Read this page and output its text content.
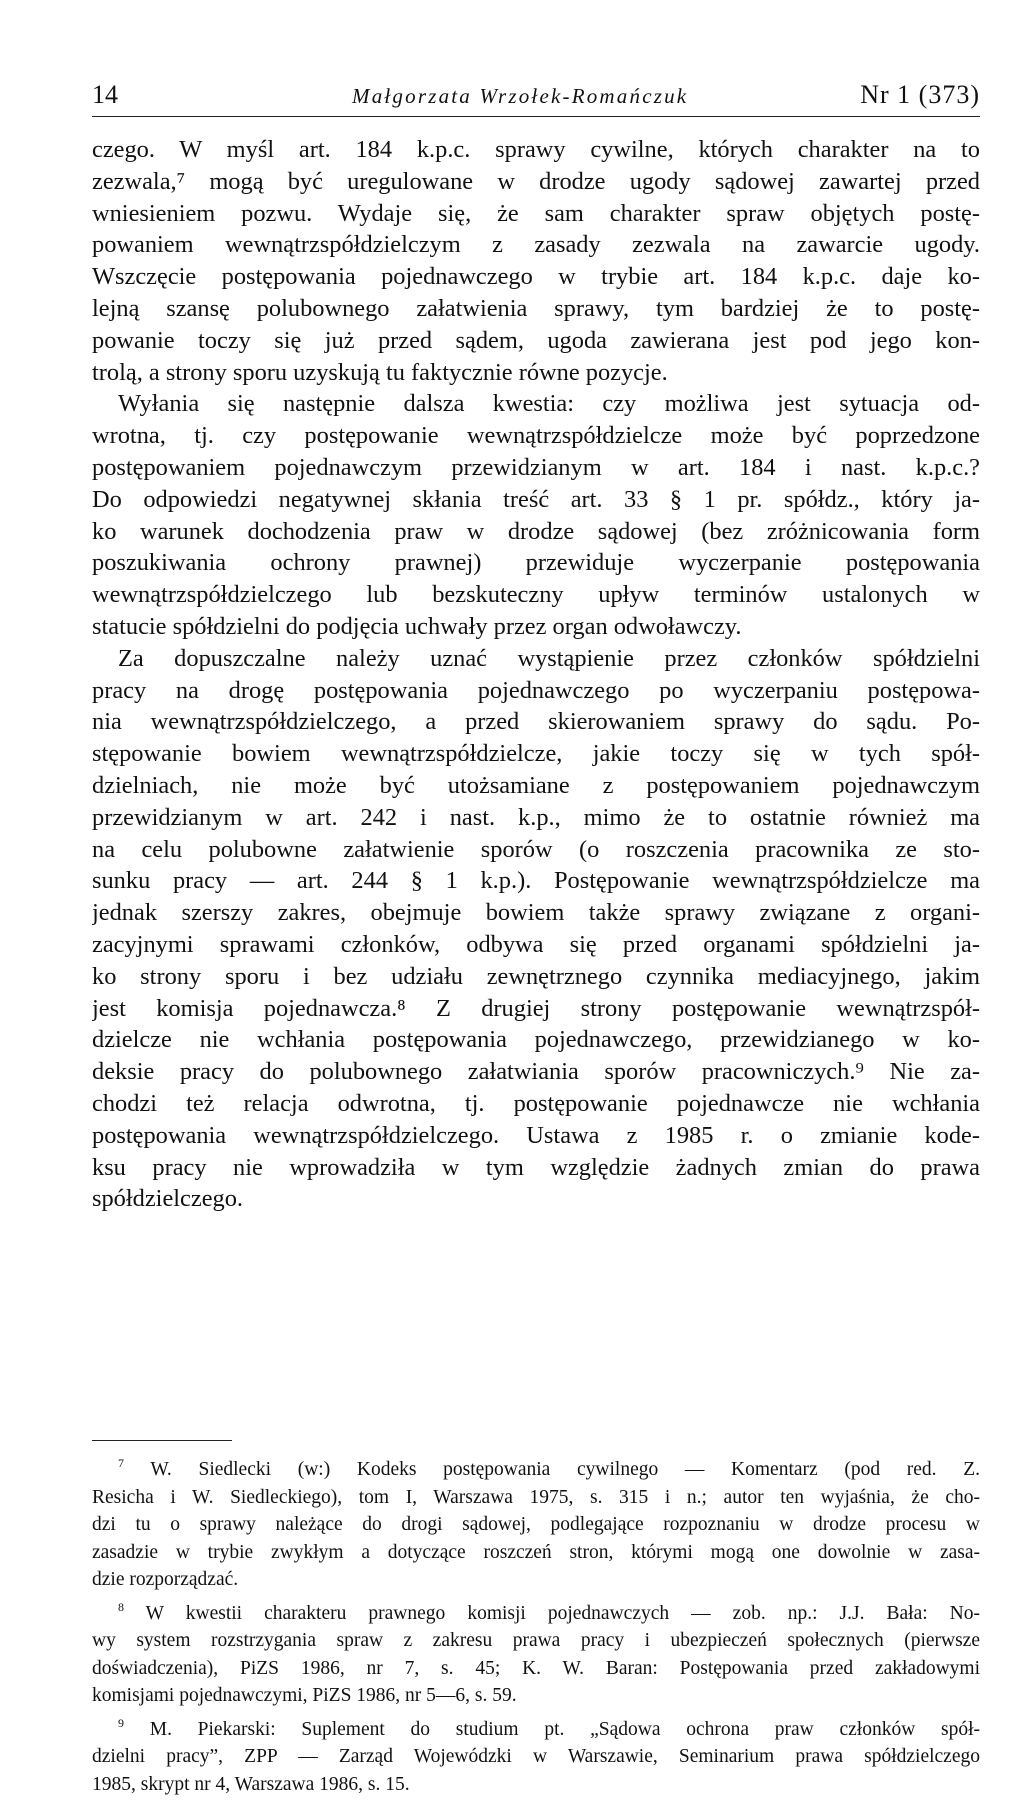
14	Małgorzata Wrzołek-Romańczuk	Nr 1 (373)
czego. W myśl art. 184 k.p.c. sprawy cywilne, których charakter na to
zezwala,⁷ mogą być uregulowane w drodze ugody sądowej zawartej przed
wniesieniem pozwu. Wydaje się, że sam charakter spraw objętych postę-
powaniem wewnątrzspółdzielczym z zasady zezwala na zawarcie ugody.
Wszczęcie postępowania pojednawczego w trybie art. 184 k.p.c. daje ko-
lejną szansę polubownego załatwienia sprawy, tym bardziej że to postę-
powanie toczy się już przed sądem, ugoda zawierana jest pod jego kon-
trolą, a strony sporu uzyskują tu faktycznie równe pozycje.
Wyłania się następnie dalsza kwestia: czy możliwa jest sytuacja od-
wrotna, tj. czy postępowanie wewnątrzspółdzielcze może być poprzedzone
postępowaniem pojednawczym przewidzianym w art. 184 i nast. k.p.c.?
Do odpowiedzi negatywnej skłania treść art. 33 § 1 pr. spółdz., który ja-
ko warunek dochodzenia praw w drodze sądowej (bez zróżnicowania form
poszukiwania ochrony prawnej) przewiduje wyczerpanie postępowania
wewnątrzspółdzielczego lub bezskuteczny upływ terminów ustalonych w
statucie spółdzielni do podjęcia uchwały przez organ odwoławczy.
Za dopuszczalne należy uznać wystąpienie przez członków spółdzielni
pracy na drogę postępowania pojednawczego po wyczerpaniu postępowa-
nia wewnątrzspółdzielczego, a przed skierowaniem sprawy do sądu. Po-
stępowanie bowiem wewnątrzspółdzielcze, jakie toczy się w tych spół-
dzielniach, nie może być utożsamiane z postępowaniem pojednawczym
przewidzianym w art. 242 i nast. k.p., mimo że to ostatnie również ma
na celu polubowne załatwienie sporów (o roszczenia pracownika ze sto-
sunku pracy — art. 244 § 1 k.p.). Postępowanie wewnątrzspółdzielcze ma
jednak szerszy zakres, obejmuje bowiem także sprawy związane z organi-
zacyjnymi sprawami członków, odbywa się przed organami spółdzielni ja-
ko strony sporu i bez udziału zewnętrznego czynnika mediacyjnego, jakim
jest komisja pojednawcza.⁸ Z drugiej strony postępowanie wewnątrzspół-
dzielcze nie wchłania postępowania pojednawczego, przewidzianego w ko-
deksie pracy do polubownego załatwiania sporów pracowniczych.⁹ Nie za-
chodzi też relacja odwrotna, tj. postępowanie pojednawcze nie wchłania
postępowania wewnątrzspółdzielczego. Ustawa z 1985 r. o zmianie kode-
ksu pracy nie wprowadziła w tym względzie żadnych zmian do prawa
spółdzielczego.
$^7$ W. Siedlecki (w:) Kodeks postępowania cywilnego — Komentarz (pod red. Z.
Resicha i W. Siedleckiego), tom I, Warszawa 1975, s. 315 i n.; autor ten wyjaśnia, że cho-
dzi tu o sprawy należące do drogi sądowej, podlegające rozpoznaniu w drodze procesu w
zasadzie w trybie zwykłym a dotyczące roszczeń stron, którymi mogą one dowolnie w zasa-
dzie rozporządzać.
$^8$ W kwestii charakteru prawnego komisji pojednawczych — zob. np.: J.J. Bała: No-
wy system rozstrzygania spraw z zakresu prawa pracy i ubezpieczeń społecznych (pierwsze
doświadczenia), PiZS 1986, nr 7, s. 45; K. W. Baran: Postępowania przed zakładowymi
komisjami pojednawczymi, PiZS 1986, nr 5—6, s. 59.
$^9$ M. Piekarski: Suplement do studium pt. „Sądowa ochrona praw członków spół-
dzielni pracy”, ZPP — Zarząd Wojewódzki w Warszawie, Seminarium prawa spółdzielczego
1985, skrypt nr 4, Warszawa 1986, s. 15.
